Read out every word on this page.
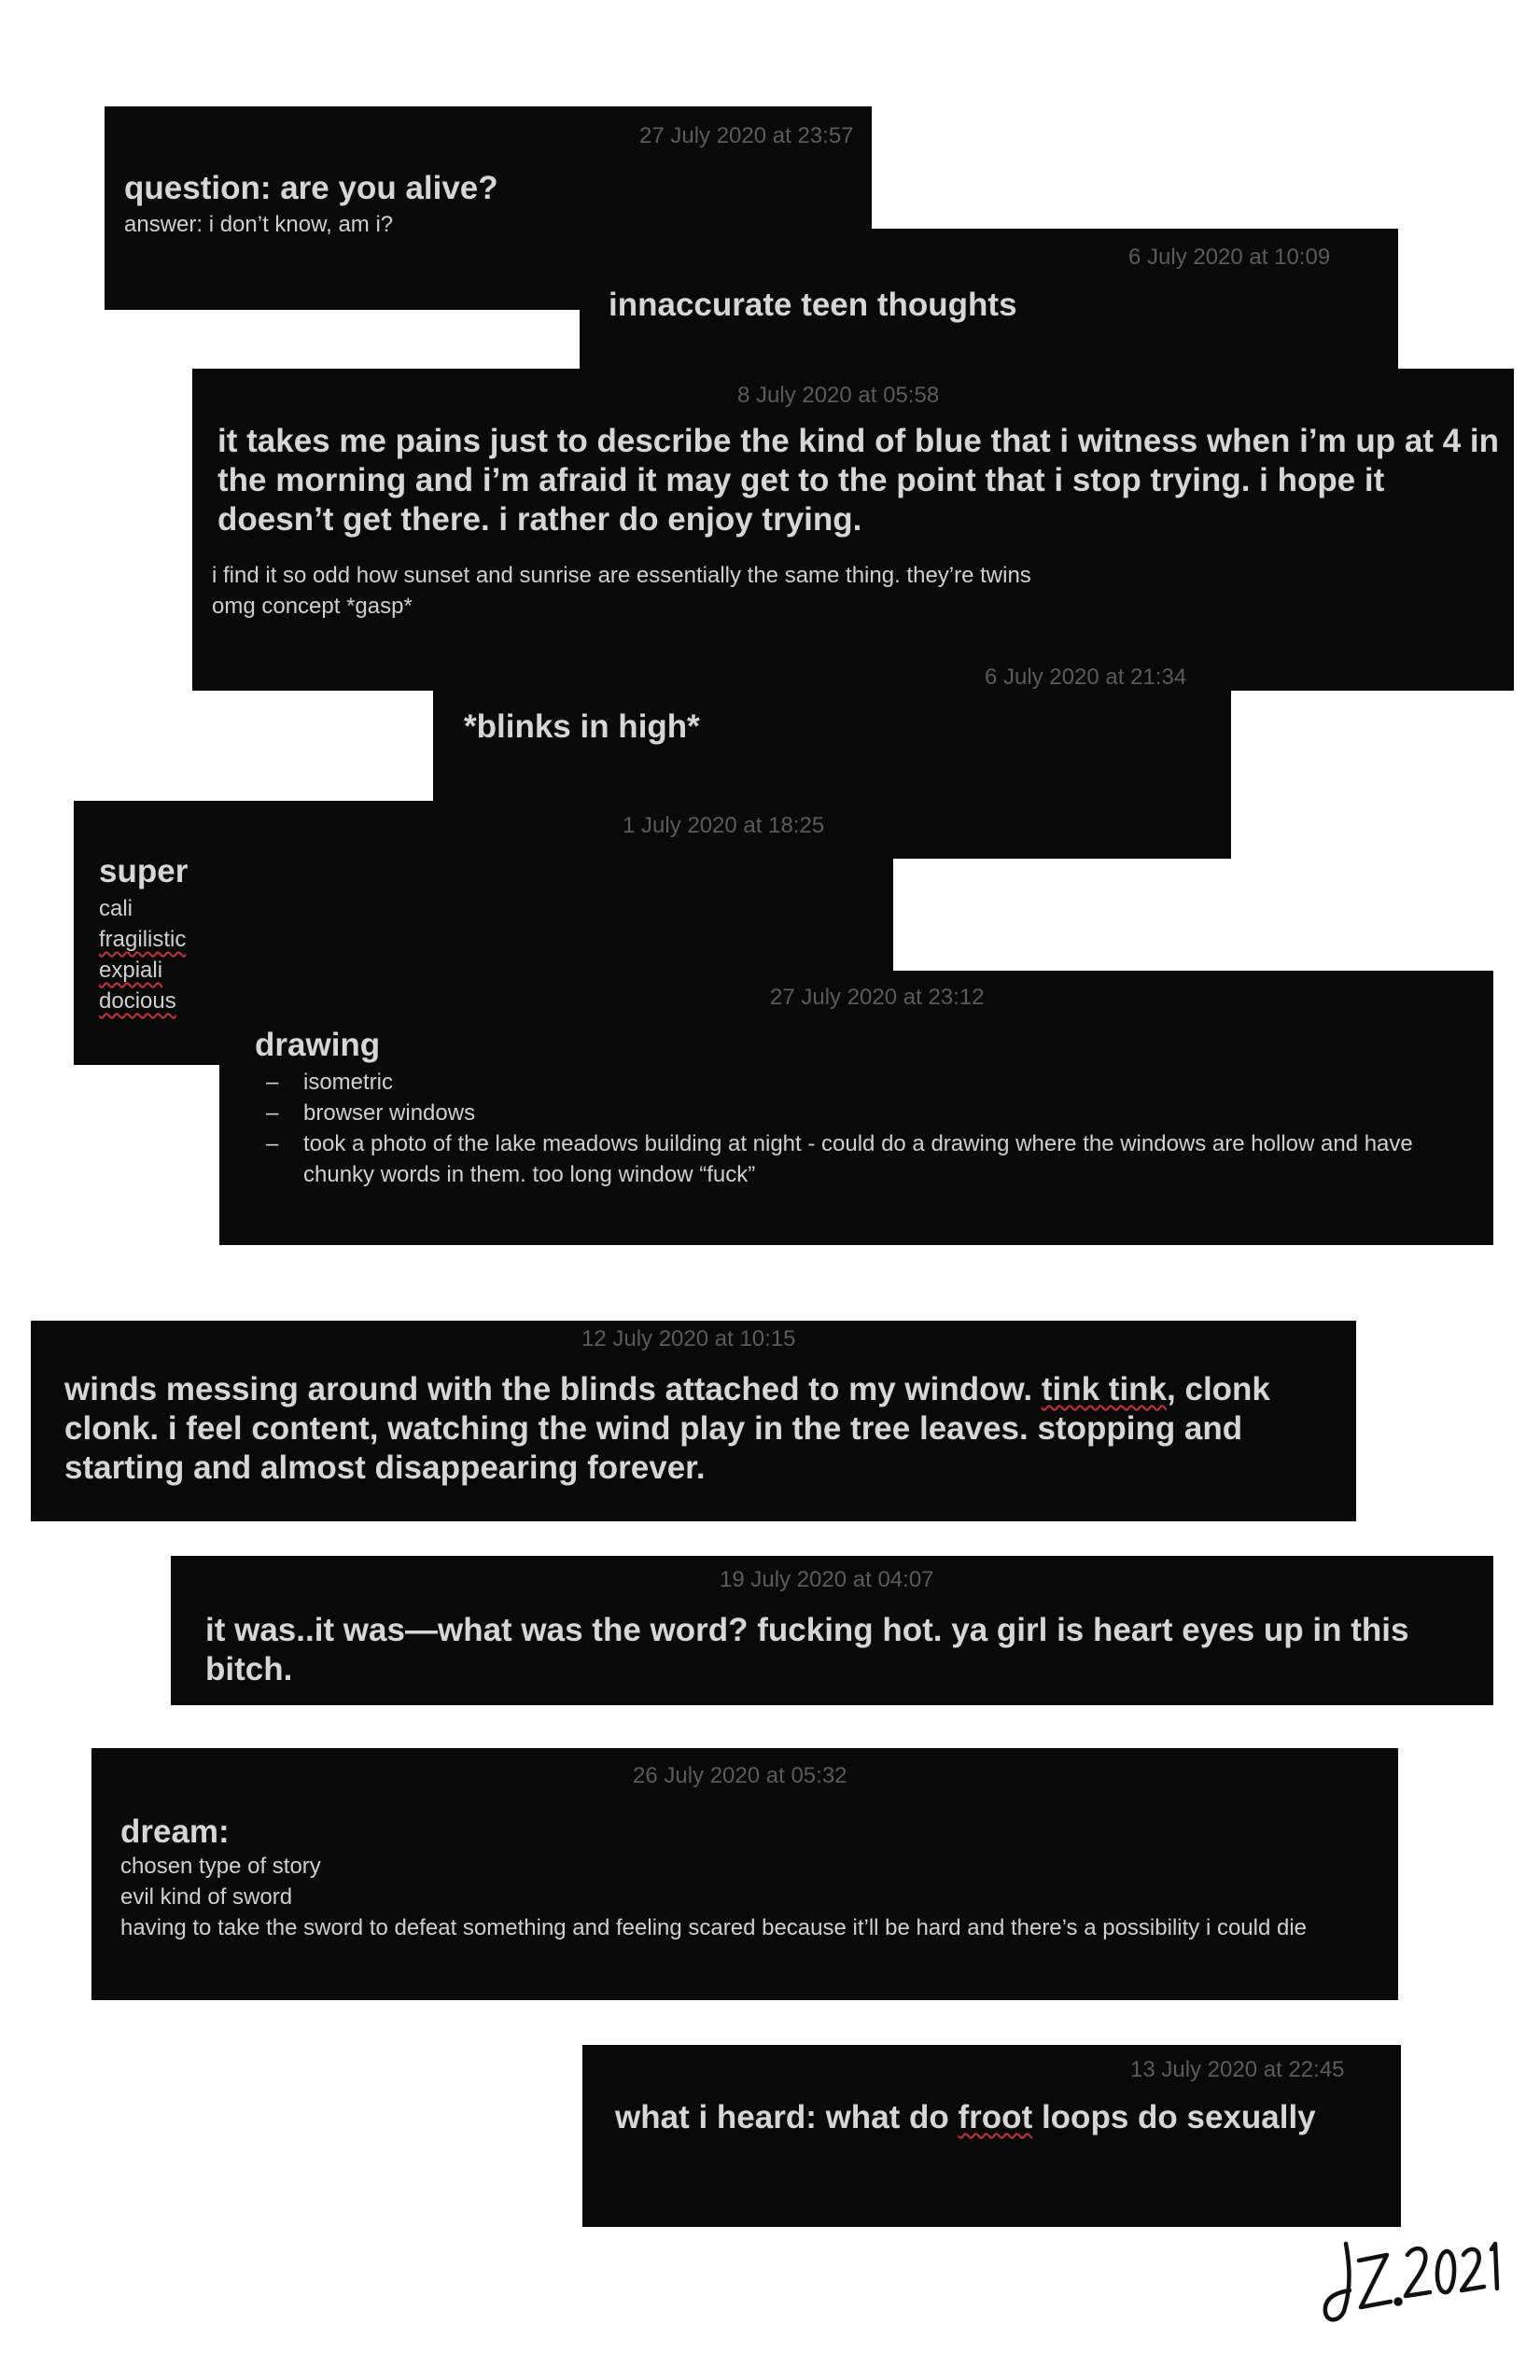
27 July 2020 at 23:57
question: are you alive?
answer: i don’t know, am i?
6 July 2020 at 10:09
innaccurate teen thoughts
8 July 2020 at 05:58
it takes me pains just to describe the kind of blue that i witness when i’m up at 4 in the morning and i’m afraid it may get to the point that i stop trying. i hope it doesn’t get there. i rather do enjoy trying.
i find it so odd how sunset and sunrise are essentially the same thing. they’re twins
omg concept *gasp*
6 July 2020 at 21:34
*blinks in high*
1 July 2020 at 18:25
super
cali
fragilistic
expiali
docious	27 July 2020 at 23:12
drawing
– isometric
– browser windows
– took a photo of the lake meadows building at night - could do a drawing where the windows are hollow and have chunky words in them. too long window “fuck”
12 July 2020 at 10:15
winds messing around with the blinds attached to my window. tink tink, clonk clonk. i feel content, watching the wind play in the tree leaves. stopping and starting and almost disappearing forever.
19 July 2020 at 04:07
it was..it was—what was the word? fucking hot. ya girl is heart eyes up in this bitch.
26 July 2020 at 05:32
dream:
chosen type of story
evil kind of sword
having to take the sword to defeat something and feeling scared because it’ll be hard and there’s a possibility i could die
13 July 2020 at 22:45
what i heard: what do froot loops do sexually
